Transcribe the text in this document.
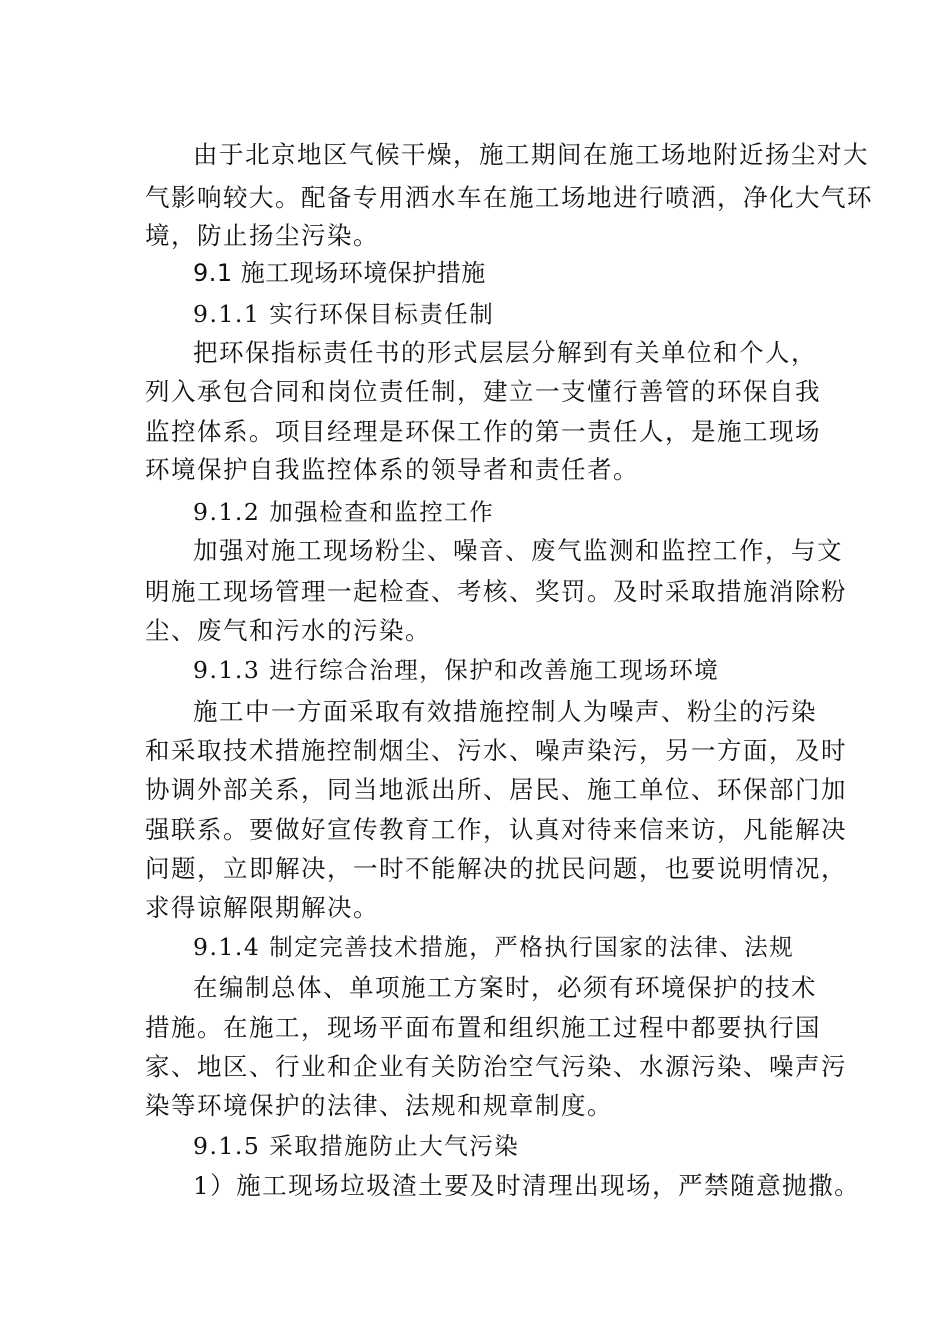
由于北京地区气候干燥，施工期间在施工场地附近扬尘对大
气影响较大。配备专用洒水车在施工场地进行喷洒，净化大气环
境，防止扬尘污染。
9.1 施工现场环境保护措施
9.1.1 实行环保目标责任制
把环保指标责任书的形式层层分解到有关单位和个人，
列入承包合同和岗位责任制，建立一支懂行善管的环保自我
监控体系。项目经理是环保工作的第一责任人，是施工现场
环境保护自我监控体系的领导者和责任者。
9.1.2 加强检查和监控工作
加强对施工现场粉尘、噪音、废气监测和监控工作，与文
明施工现场管理一起检查、考核、奖罚。及时采取措施消除粉
尘、废气和污水的污染。
9.1.3 进行综合治理，保护和改善施工现场环境
施工中一方面采取有效措施控制人为噪声、粉尘的污染
和采取技术措施控制烟尘、污水、噪声染污，另一方面，及时
协调外部关系，同当地派出所、居民、施工单位、环保部门加
强联系。要做好宣传教育工作，认真对待来信来访，凡能解决
问题，立即解决，一时不能解决的扰民问题，也要说明情况，
求得谅解限期解决。
9.1.4 制定完善技术措施，严格执行国家的法律、法规
在编制总体、单项施工方案时，必须有环境保护的技术
措施。在施工，现场平面布置和组织施工过程中都要执行国
家、地区、行业和企业有关防治空气污染、水源污染、噪声污
染等环境保护的法律、法规和规章制度。
9.1.5 采取措施防止大气污染
1）施工现场垃圾渣土要及时清理出现场，严禁随意抛撒。
